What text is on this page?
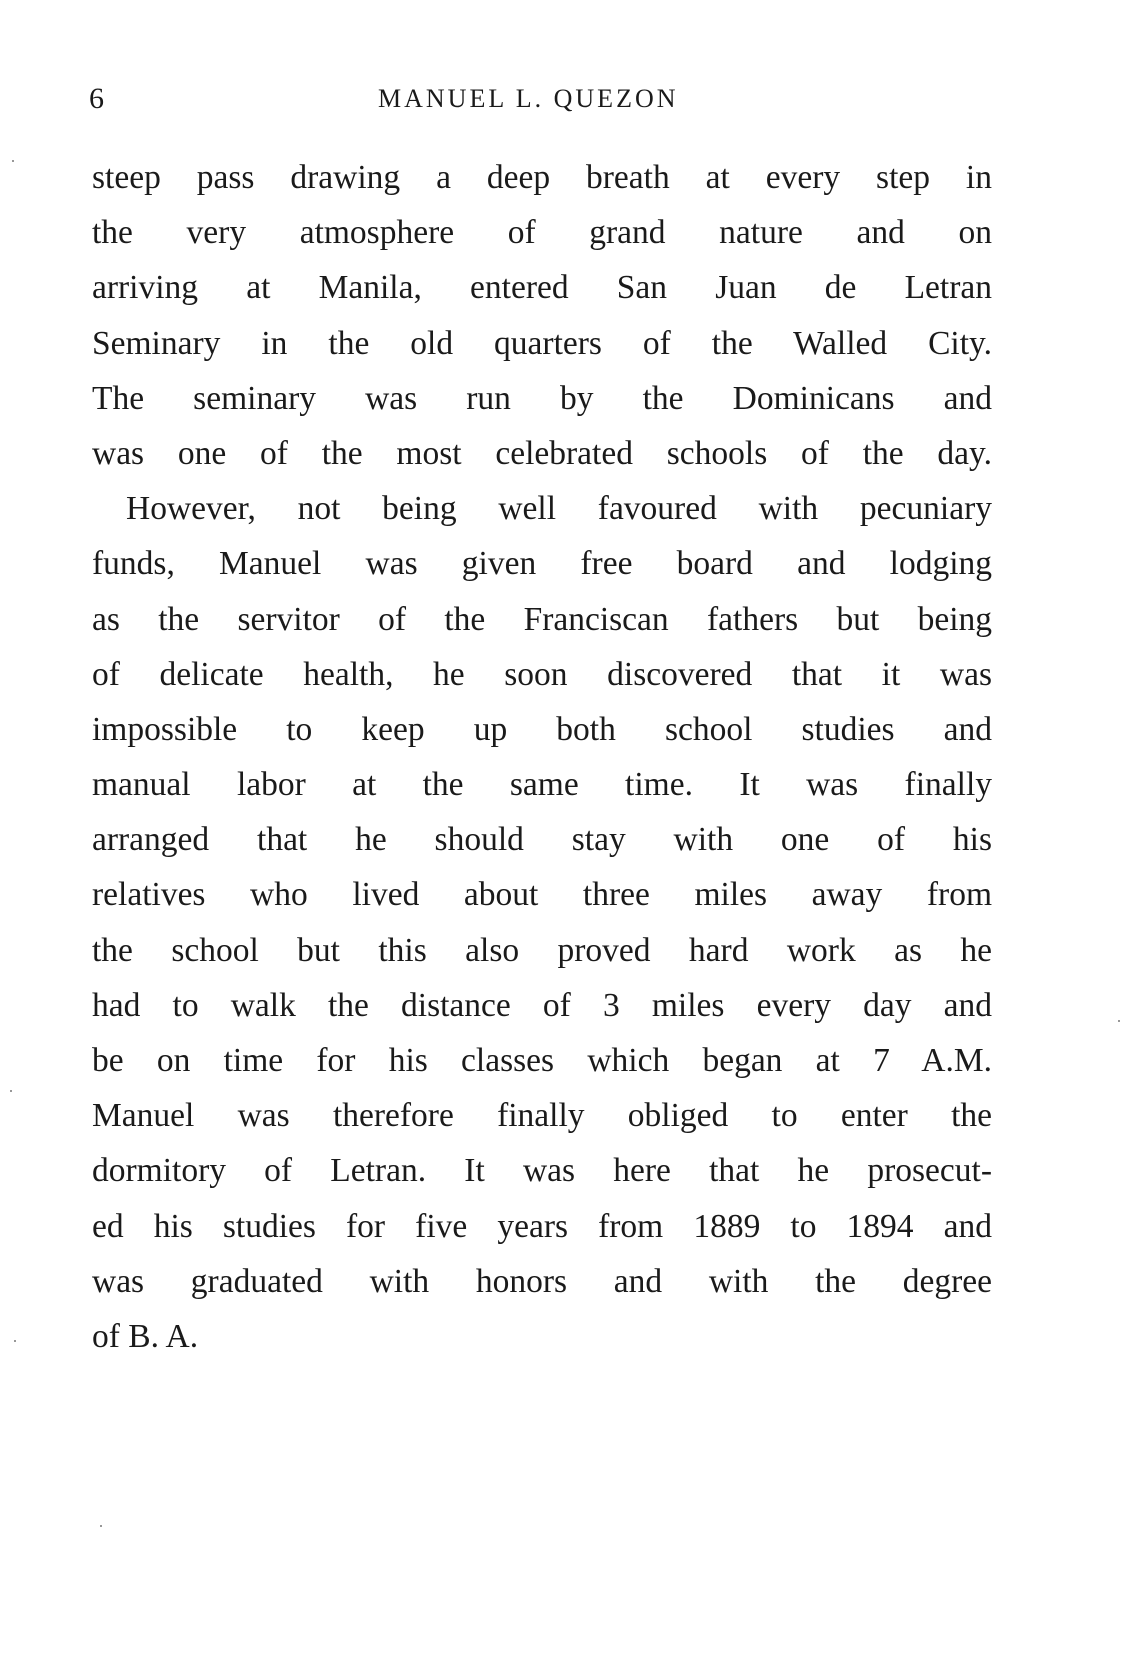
6	MANUEL L. QUEZON
steep pass drawing a deep breath at every step in
the very atmosphere of grand nature and on
arriving at Manila, entered San Juan de Letran
Seminary in the old quarters of the Walled City.
The seminary was run by the Dominicans and
was one of the most celebrated schools of the day.
However, not being well favoured with pecuniary
funds, Manuel was given free board and lodging
as the servitor of the Franciscan fathers but being
of delicate health, he soon discovered that it was
impossible to keep up both school studies and
manual labor at the same time. It was finally
arranged that he should stay with one of his
relatives who lived about three miles away from
the school but this also proved hard work as he
had to walk the distance of 3 miles every day and
be on time for his classes which began at 7 A.M.
Manuel was therefore finally obliged to enter the
dormitory of Letran. It was here that he prosecut-
ed his studies for five years from 1889 to 1894 and
was graduated with honors and with the degree
of B. A.
